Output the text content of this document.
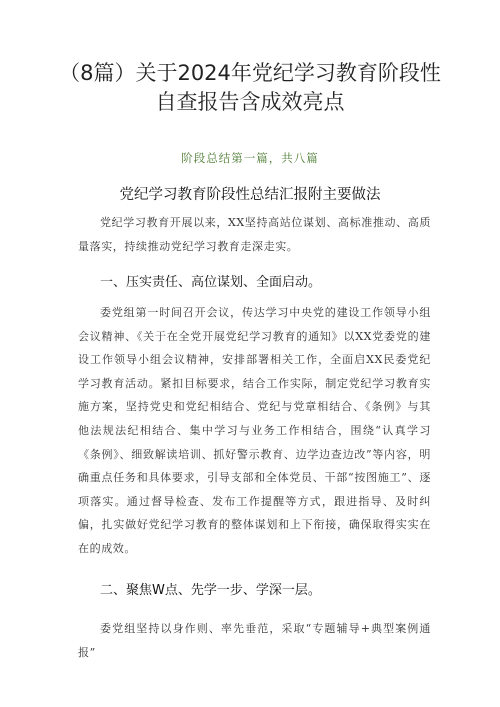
（8篇）关于2024年党纪学习教育阶段性
自查报告含成效亮点
阶段总结第一篇，共八篇
党纪学习教育阶段性总结汇报附主要做法

党纪学习教育开展以来，XX坚持高站位谋划、高标准推动、高质量落实，持续推动党纪学习教育走深走实。

一、压实责任、高位谋划、全面启动。

委党组第一时间召开会议，传达学习中央党的建设工作领导小组会议精神、《关于在全党开展党纪学习教育的通知》以XX党委党的建设工作领导小组会议精神，安排部署相关工作，全面启XX民委党纪学习教育活动。紧扣目标要求，结合工作实际，制定党纪学习教育实施方案，坚持党史和党纪相结合、党纪与党章相结合、《条例》与其他法规法纪相结合、集中学习与业务工作相结合，围绕“认真学习《条例》、细致解读培训、抓好警示教育、边学边查边改”等内容，明确重点任务和具体要求，引导支部和全体党员、干部“按图施工”、逐项落实。通过督导检查、发布工作提醒等方式，跟进指导、及时纠偏，扎实做好党纪学习教育的整体谋划和上下衔接，确保取得实实在在的成效。

二、聚焦W点、先学一步、学深一层。

委党组坚持以身作则、率先垂范，采取“专题辅导+典型案例通报”
